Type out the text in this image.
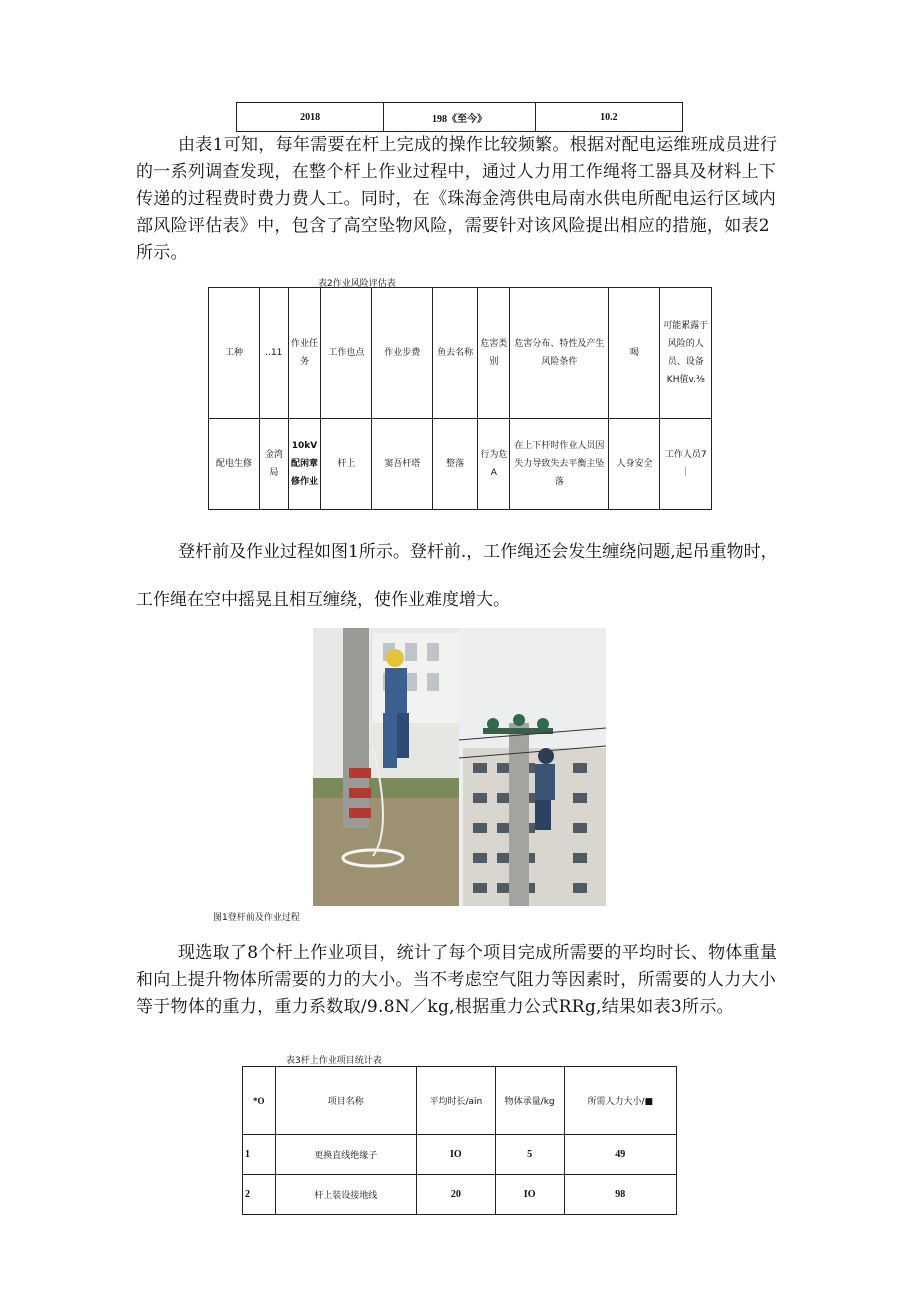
2018	198《至今》	10.2
由表1可知，每年需要在杆上完成的操作比较频繁。根据对配电运维班成员进行的一系列调查发现，在整个杆上作业过程中，通过人力用工作绳将工器具及材料上下传递的过程费时费力费人工。同时，在《珠海金湾供电局南水供电所配电运行区域内部风险评估表》中，包含了高空坠物风险，需要针对该风险提出相应的措施，如表2所示。
表2作业风险评估表
工种	..11	作业任务	工作也点	作业步费	鱼去名称	危害类别	危害分布、特性及产生风险条件	喝	可能累露于风险的人员、设备KH值v.⅜
配电生修	金湾局	10kV配闲章修作业	杆上	窦吾杆塔	整落	行为危A	在上下杆时作业人员因失力导致失去平衡主坠落	人身安全	工作人员7｜
登杆前及作业过程如图1所示。登杆前.，工作绳还会发生缠绕问题,起吊重物时，工作绳在空中摇晃且相互缠绕，使作业难度增大。
图1登杆前及作业过程
现选取了8个杆上作业项目，统计了每个项目完成所需要的平均时长、物体重量和向上提升物体所需要的力的大小。当不考虑空气阻力等因素时，所需要的人力大小等于物体的重力，重力系数取/9.8N／kg,根据重力公式RRg,结果如表3所示。
表3杆上作业项目统计表
*O	项目名称	平均时长/ain	物体承量/kg	所需人力大小/■
1	更换直线绝缘子	IO	5	49
2	杆上装设接地线	20	IO	98
